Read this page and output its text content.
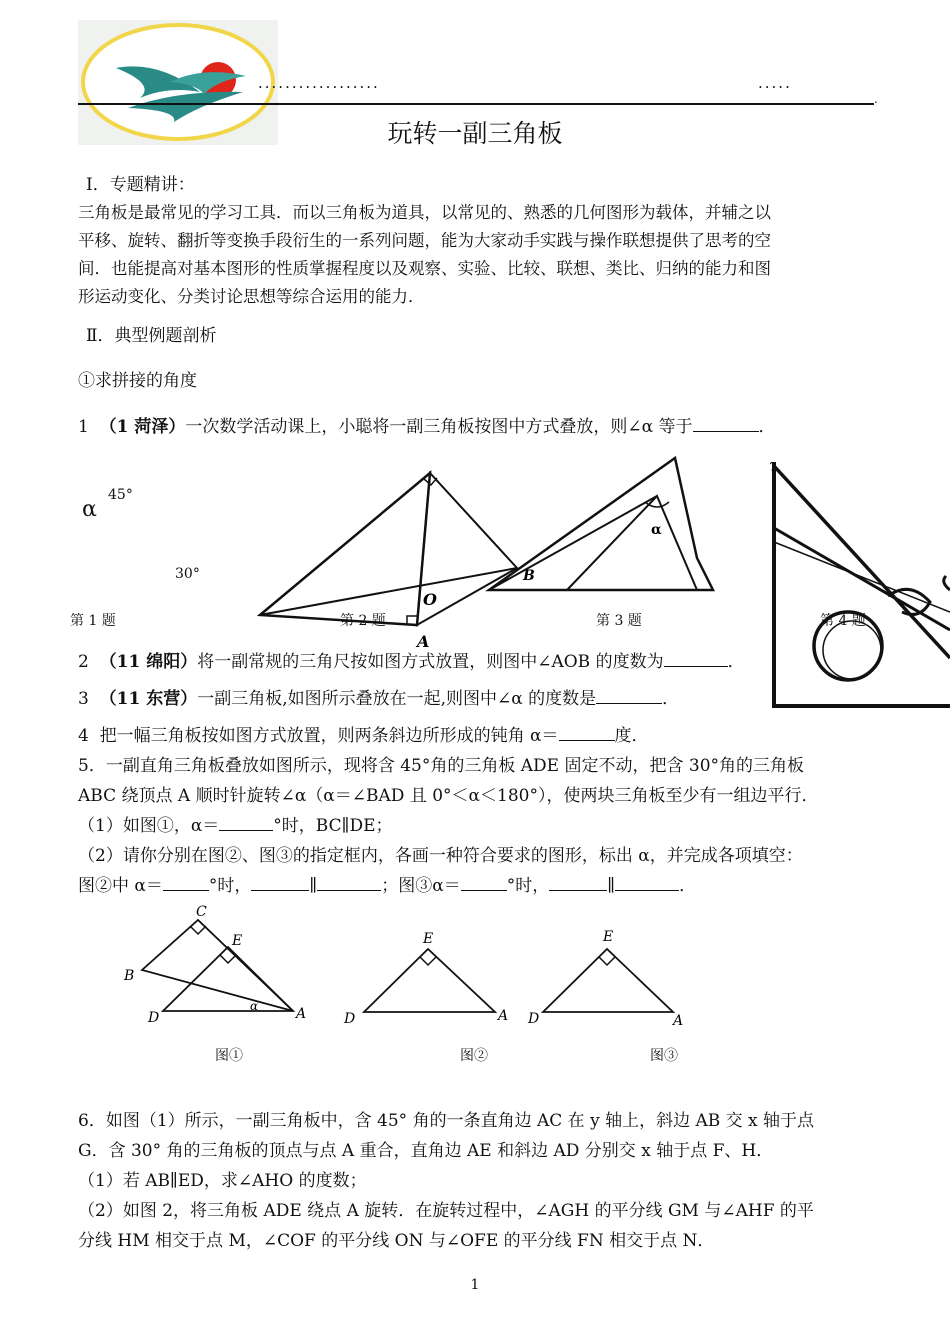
··················	·····
.
玩转一副三角板
Ⅰ．专题精讲：
三角板是最常见的学习工具．而以三角板为道具，以常见的、熟悉的几何图形为载体，并辅之以
平移、旋转、翻折等变换手段衍生的一系列问题，能为大家动手实践与操作联想提供了思考的空
间．也能提高对基本图形的性质掌握程度以及观察、实验、比较、联想、类比、归纳的能力和图
形运动变化、分类讨论思想等综合运用的能力．
Ⅱ．典型例题剖析
①求拼接的角度
1 （1 菏泽）一次数学活动课上，小聪将一副三角板按图中方式叠放，则∠α 等于	．
α
45°
30°
第 1 题
O
A
第 2 题
α
B
第 3 题	第 4 题
2 （11 绵阳）将一副常规的三角尺按如图方式放置，则图中∠AOB 的度数为	．
3 （11 东营）一副三角板,如图所示叠放在一起,则图中∠α 的度数是	．
4 把一幅三角板按如图方式放置，则两条斜边所形成的钝角 α＝	度．
5．一副直角三角板叠放如图所示，现将含 45°角的三角板 ADE 固定不动，把含 30°角的三角板
ABC 绕顶点 A 顺时针旋转∠α（α＝∠BAD 且 0°＜α＜180°），使两块三角板至少有一组边平行．
（1）如图①，α＝	°时，BC∥DE；
（2）请你分别在图②、图③的指定框内，各画一种符合要求的图形，标出 α，并完成各项填空：
图②中 α＝	°时，	∥	；图③α＝	°时，	∥	．
C
E
B
D	A
α
图①
E
D	A
图②
E
D	A
图③
6．如图（1）所示，一副三角板中，含 45° 角的一条直角边 AC 在 y 轴上，斜边 AB 交 x 轴于点
G．含 30° 角的三角板的顶点与点 A 重合，直角边 AE 和斜边 AD 分别交 x 轴于点 F、H．
（1）若 AB∥ED，求∠AHO 的度数；
（2）如图 2，将三角板 ADE 绕点 A 旋转．在旋转过程中，∠AGH 的平分线 GM 与∠AHF 的平
分线 HM 相交于点 M，∠COF 的平分线 ON 与∠OFE 的平分线 FN 相交于点 N．
1
